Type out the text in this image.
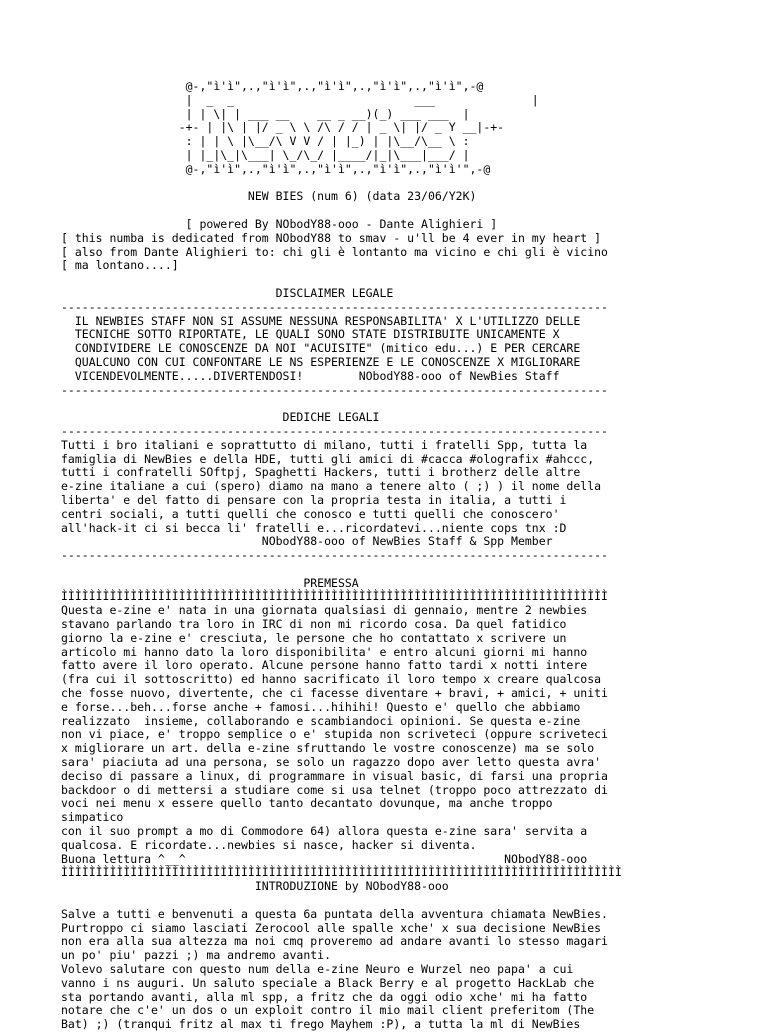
@-,"ì'ì",.,"ì'ì",.,"ì'ì",.,"ì'ì",.,"ì'ì",-@
|  _  _                          ___              |
| | \| | ___ __    __ _ __)(_) ___ ___  |
-+- | |\ | |/ _ \ \ /\ / / | _ \| |/ _ Y __|-+-
: | | \ |\__/\ V V / | |_) | |\__/\__ \ :
| |_|\_|\___| \_/\_/ |____/|_|\___|___/ |
@-,"ì'ì",.,"ì'ì",.,"ì'ì",.,"ì'ì",.,"ì'ì'",-@
NEW BIES (num 6) (data 23/06/Y2K)
[ powered By NObodY88-ooo - Dante Alighieri ]
[ this numba is dedicated from NObodY88 to smav - u'll be 4 ever in my heart ]
[ also from Dante Alighieri to: chi gli è lontanto ma vicino e chi gli è vicino
[ ma lontano....]
DISCLAIMER LEGALE
-------------------------------------------------------------------------------
IL NEWBIES STAFF NON SI ASSUME NESSUNA RESPONSABILITA' X L'UTILIZZO DELLE
TECNICHE SOTTO RIPORTATE, LE QUALI SONO STATE DISTRIBUITE UNICAMENTE X
CONDIVIDERE LE CONOSCENZE DA NOI "ACUISITE" (mitico edu...) E PER CERCARE
QUALCUNO CON CUI CONFONTARE LE NS ESPERIENZE E LE CONOSCENZE X MIGLIORARE
VICENDEVOLMENTE.....DIVERTENDOSI!        NObodY88-ooo of NewBies Staff
-------------------------------------------------------------------------------
DEDICHE LEGALI
-------------------------------------------------------------------------------
Tutti i bro italiani e soprattutto di milano, tutti i fratelli Spp, tutta la
famiglia di NewBies e della HDE, tutti gli amici di #cacca #olografix #ahccc,
tutti i confratelli SOftpj, Spaghetti Hackers, tutti i brotherz delle altre
e-zine italiane a cui (spero) diamo na mano a tenere alto ( ;) ) il nome della
liberta' e del fatto di pensare con la propria testa in italia, a tutti i
centri sociali, a tutti quelli che conosco e tutti quelli che conoscero'
all'hack-it ci si becca li' fratelli e...ricordatevi...niente cops tnx :D
NObodY88-ooo of NewBies Staff & Spp Member
-------------------------------------------------------------------------------
PREMESSA
ÌÌÌÌÌÌÌÌÌÌÌÌÌÌÌÌÌÌÌÌÌÌÌÌÌÌÌÌÌÌÌÌÌÌÌÌÌÌÌÌÌÌÌÌÌÌÌÌÌÌÌÌÌÌÌÌÌÌÌÌÌÌÌÌÌÌÌÌÌÌÌÌÌÌÌÌÌÌÌ
Questa e-zine e' nata in una giornata qualsiasi di gennaio, mentre 2 newbies
stavano parlando tra loro in IRC di non mi ricordo cosa. Da quel fatidico
giorno la e-zine e' cresciuta, le persone che ho contattato x scrivere un
articolo mi hanno dato la loro disponibilita' e entro alcuni giorni mi hanno
fatto avere il loro operato. Alcune persone hanno fatto tardi x notti intere
(fra cui il sottoscritto) ed hanno sacrificato il loro tempo x creare qualcosa
che fosse nuovo, divertente, che ci facesse diventare + bravi, + amici, + uniti
e forse...beh...forse anche + famosi...hihihi! Questo e' quello che abbiamo
realizzato  insieme, collaborando e scambiandoci opinioni. Se questa e-zine
non vi piace, e' troppo semplice o e' stupida non scriveteci (oppure scriveteci
x migliorare un art. della e-zine sfruttando le vostre conoscenze) ma se solo
sara' piaciuta ad una persona, se solo un ragazzo dopo aver letto questa avra'
deciso di passare a linux, di programmare in visual basic, di farsi una propria
backdoor o di mettersi a studiare come si usa telnet (troppo poco attrezzato di
voci nei menu x essere quello tanto decantato dovunque, ma anche troppo
simpatico
con il suo prompt a mo di Commodore 64) allora questa e-zine sara' servita a
qualcosa. E ricordate...newbies si nasce, hacker si diventa.
Buona lettura ^__^                                              NObodY88-ooo
ÌÌÌÌÌÌÌÌÌÌÌÌÌÌÌÌÌÌÌÌÌÌÌÌÌÌÌÌÌÌÌÌÌÌÌÌÌÌÌÌÌÌÌÌÌÌÌÌÌÌÌÌÌÌÌÌÌÌÌÌÌÌÌÌÌÌÌÌÌÌÌÌÌÌÌÌÌÌÌÌÌ
INTRODUZIONE by NObodY88-ooo
Salve a tutti e benvenuti a questa 6a puntata della avventura chiamata NewBies.
Purtroppo ci siamo lasciati Zerocool alle spalle xche' x sua decisione NewBies
non era alla sua altezza ma noi cmq proveremo ad andare avanti lo stesso magari
un po' piu' pazzi ;) ma andremo avanti.
Volevo salutare con questo num della e-zine Neuro e Wurzel neo papa' a cui
vanno i ns auguri. Un saluto speciale a Black Berry e al progetto HackLab che
sta portando avanti, alla ml spp, a fritz che da oggi odio xche' mi ha fatto
notare che c'e' un dos o un exploit contro il mio mail client preferitom (The
Bat) ;) (tranqui fritz al max ti frego Mayhem :P), a tutta la ml di NewBies
